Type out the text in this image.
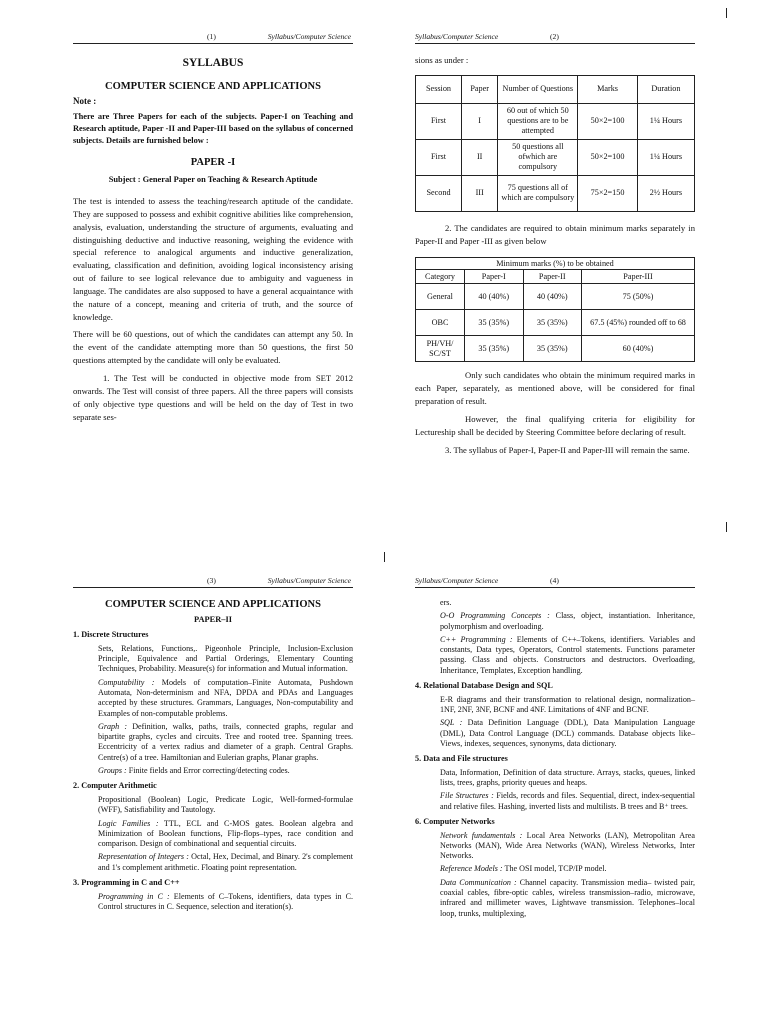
(1)	Syllabus/Computer Science

SYLLABUS

COMPUTER SCIENCE AND APPLICATIONS

Note :

There are Three Papers for each of the subjects. Paper-I on Teaching and Research aptitude, Paper -II and Paper-III based on the syllabus of concerned subjects. Details are furnished below :

PAPER -I

Subject : General Paper on Teaching & Research Aptitude

The test is intended to assess the teaching/research aptitude of the candidate. They are supposed to possess and exhibit cognitive abilities like comprehension, analysis, evaluation, understanding the structure of arguments, evaluating and distinguishing deductive and inductive reasoning, weighing the evidence with special reference to analogical arguments and inductive generalization, evaluating, classification and definition, avoiding logical inconsistency arising out of failure to see logical relevance due to ambiguity and vagueness in language. The candidates are also supposed to have a general acquaintance with the nature of a concept, meaning and criteria of truth, and the source of knowledge.

There will be 60 questions, out of which the candidates can attempt any 50. In the event of the candidate attempting more than 50 questions, the first 50 questions attempted by the candidate will only be evaluated.

1. The Test will be conducted in objective mode from SET 2012 onwards. The Test will consist of three papers. All the three papers will consists of only objective type questions and will be held on the day of Test in two separate ses-

Syllabus/Computer Science	(2)

sions as under :

Session	Paper	Number of Questions	Marks	Duration
First	I	60 out of which 50 questions are to be attempted	50×2=100	1¼ Hours
First	II	50 questions all ofwhich are compulsory	50×2=100	1¼ Hours
Second	III	75 questions all of which are compulsory	75×2=150	2½ Hours

2. The candidates are required to obtain minimum marks separately in Paper-II and Paper -III as given below

Minimum marks (%) to be obtained			
Category	Paper-I	Paper-II	Paper-III
General	40 (40%)	40 (40%)	75 (50%)
OBC	35 (35%)	35 (35%)	67.5 (45%) rounded off to 68
PH/VH/ SC/ST	35 (35%)	35 (35%)	60 (40%)

Only such candidates who obtain the minimum required marks in each Paper, separately, as mentioned above, will be considered for final preparation of result.

However, the final qualifying criteria for eligibility for Lectureship shall be decided by Steering Committee before declaring of result.

3. The syllabus of Paper-I, Paper-II and Paper-III will remain the same.

(3)	Syllabus/Computer Science

COMPUTER SCIENCE AND APPLICATIONS

PAPER–II

1. Discrete Structures

Sets, Relations, Functions,. Pigeonhole Principle, Inclusion-Exclusion Principle, Equivalence and Partial Orderings, Elementary Counting Techniques, Probability. Measure(s) for information and Mutual information.

Computability : Models of computation–Finite Automata, Pushdown Automata, Non-determinism and NFA, DPDA and PDAs and Languages accepted by these structures. Grammars, Languages, Non-computability and Examples of non-computable problems.

Graph : Definition, walks, paths, trails, connected graphs, regular and bipartite graphs, cycles and circuits. Tree and rooted tree. Spanning trees. Eccentricity of a vertex radius and diameter of a graph. Central Graphs. Centre(s) of a tree. Hamiltonian and Eulerian graphs, Planar graphs.

Groups : Finite fields and Error correcting/detecting codes.

2. Computer Arithmetic

Propositional (Boolean) Logic, Predicate Logic, Well-formed-formulae (WFF), Satisfiability and Tautology.

Logic Families : TTL, ECL and C-MOS gates. Boolean algebra and Minimization of Boolean functions, Flip-flops–types, race condition and comparison. Design of combinational and sequential circuits.

Representation of Integers : Octal, Hex, Decimal, and Binary. 2's complement and 1's complement arithmetic. Floating point representation.

3. Programming in C and C++

Programming in C : Elements of C–Tokens, identifiers, data types in C. Control structures in C. Sequence, selection and iteration(s).

Syllabus/Computer Science	(4)

ers.

O-O Programming Concepts : Class, object, instantiation. Inheritance, polymorphism and overloading.

C++ Programming : Elements of C++–Tokens, identifiers. Variables and constants, Data types, Operators, Control statements. Functions parameter passing. Class and objects. Constructors and destructors. Overloading, Inheritance, Templates, Exception handling.

4. Relational Database Design and SQL

E-R diagrams and their transformation to relational design, normalization– 1NF, 2NF, 3NF, BCNF and 4NF. Limitations of 4NF and BCNF.

SQL : Data Definition Language (DDL), Data Manipulation Language (DML), Data Control Language (DCL) commands. Database objects like– Views, indexes, sequences, synonyms, data dictionary.

5. Data and File structures

Data, Information, Definition of data structure. Arrays, stacks, queues, linked lists, trees, graphs, priority queues and heaps.

File Structures : Fields, records and files. Sequential, direct, index-sequential and relative files. Hashing, inverted lists and multilists. B trees and B⁺ trees.

6. Computer Networks

Network fundamentals : Local Area Networks (LAN), Metropolitan Area Networks (MAN), Wide Area Networks (WAN), Wireless Networks, Inter Networks.

Reference Models : The OSI model, TCP/IP model.

Data Communication : Channel capacity. Transmission media– twisted pair, coaxial cables, fibre-optic cables, wireless transmission–radio, microwave, infrared and millimeter waves, Lightwave transmission. Telephones–local loop, trunks, multiplexing,
